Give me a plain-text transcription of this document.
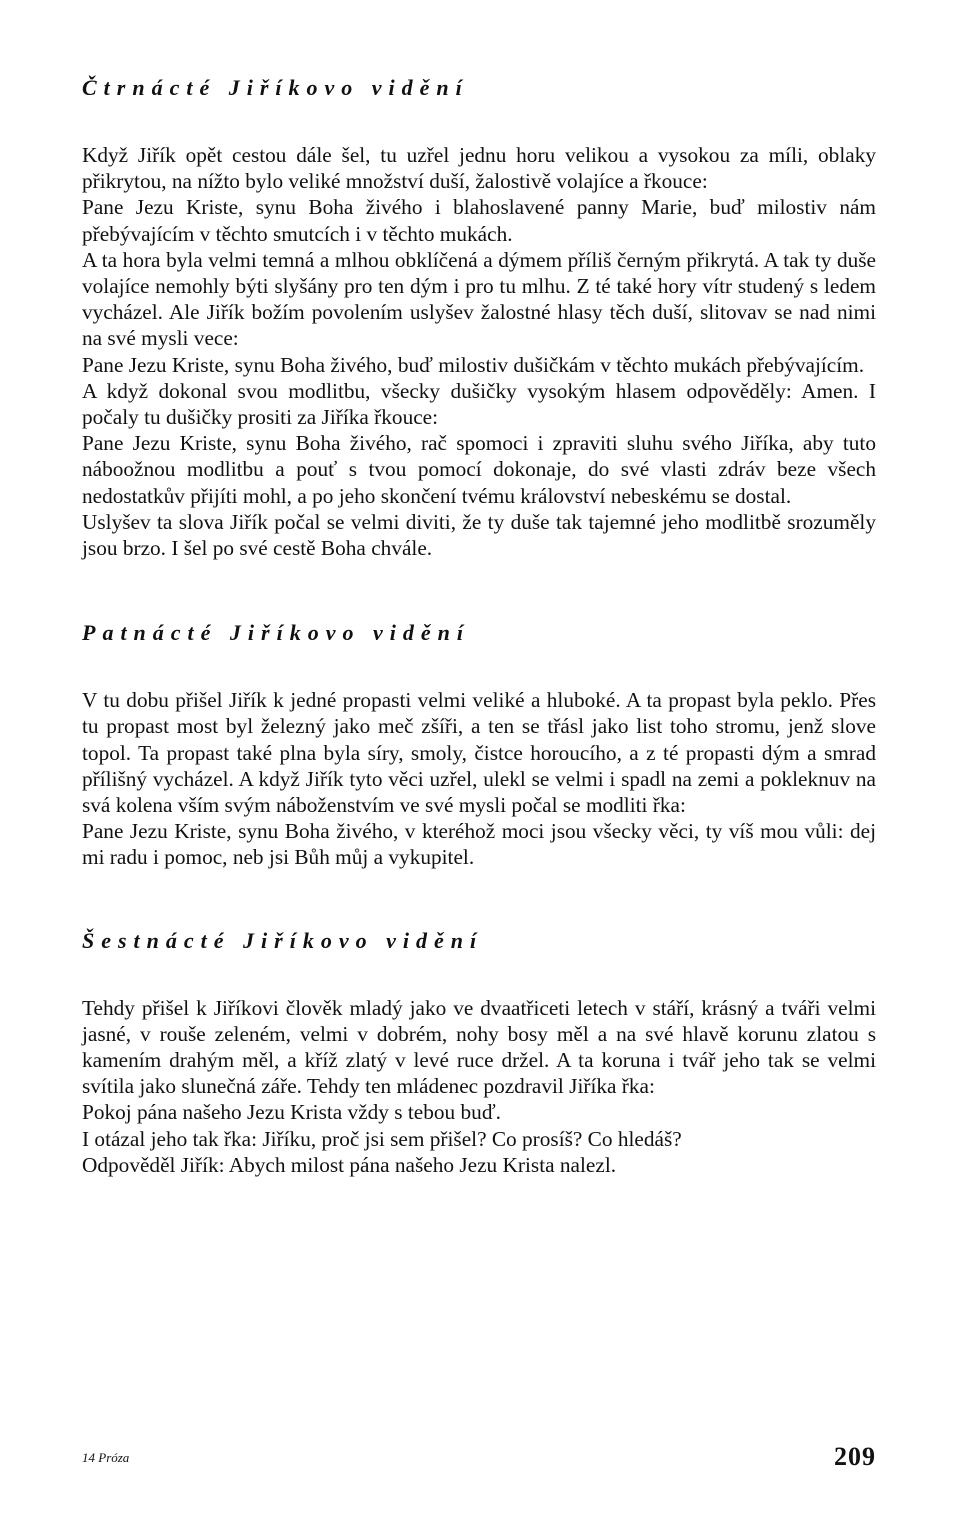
Čtrnácté Jiříkovo vidění

Když Jiřík opět cestou dále šel, tu uzřel jednu horu velikou a vysokou za míli, oblaky přikrytou, na nížto bylo veliké množství duší, žalostivě volajíce a řkouce:

Pane Jezu Kriste, synu Boha živého i blahoslavené panny Marie, buď milostiv nám přebývajícím v těchto smutcích i v těchto mukách.

A ta hora byla velmi temná a mlhou obklíčená a dýmem příliš černým přikrytá. A tak ty duše volajíce nemohly býti slyšány pro ten dým i pro tu mlhu. Z té také hory vítr studený s ledem vycházel. Ale Jiřík božím povolením uslyšev žalostné hlasy těch duší, slitovav se nad nimi na své mysli vece:

Pane Jezu Kriste, synu Boha živého, buď milostiv dušičkám v těchto mukách přebývajícím.

A když dokonal svou modlitbu, všecky dušičky vysokým hlasem odpověděly: Amen. I počaly tu dušičky prositi za Jiříka řkouce:

Pane Jezu Kriste, synu Boha živého, rač spomoci i zpraviti sluhu svého Jiříka, aby tuto náboožnou modlitbu a pouť s tvou pomocí dokonaje, do své vlasti zdráv beze všech nedostatkův přijíti mohl, a po jeho skončení tvému království nebeskému se dostal.

Uslyšev ta slova Jiřík počal se velmi diviti, že ty duše tak tajemné jeho modlitbě srozuměly jsou brzo. I šel po své cestě Boha chvále.

Patnácté Jiříkovo vidění

V tu dobu přišel Jiřík k jedné propasti velmi veliké a hluboké. A ta propast byla peklo. Přes tu propast most byl železný jako meč zšíři, a ten se třásl jako list toho stromu, jenž slove topol. Ta propast také plna byla síry, smoly, čistce horoucího, a z té propasti dým a smrad přílišný vycházel. A když Jiřík tyto věci uzřel, ulekl se velmi i spadl na zemi a pokleknuv na svá kolena vším svým náboženstvím ve své mysli počal se modliti řka:

Pane Jezu Kriste, synu Boha živého, v kteréhož moci jsou všecky věci, ty víš mou vůli: dej mi radu i pomoc, neb jsi Bůh můj a vykupitel.

Šestnácté Jiříkovo vidění

Tehdy přišel k Jiříkovi člověk mladý jako ve dvaatřiceti letech v stáří, krásný a tváři velmi jasné, v rouše zeleném, velmi v dobrém, nohy bosy měl a na své hlavě korunu zlatou s kamením drahým měl, a kříž zlatý v levé ruce držel. A ta koruna i tvář jeho tak se velmi svítila jako slunečná záře. Tehdy ten mládenec pozdravil Jiříka řka:

Pokoj pána našeho Jezu Krista vždy s tebou buď.

I otázal jeho tak řka: Jiříku, proč jsi sem přišel? Co prosíš? Co hledáš?

Odpověděl Jiřík: Abych milost pána našeho Jezu Krista nalezl.

14 Próza	209
